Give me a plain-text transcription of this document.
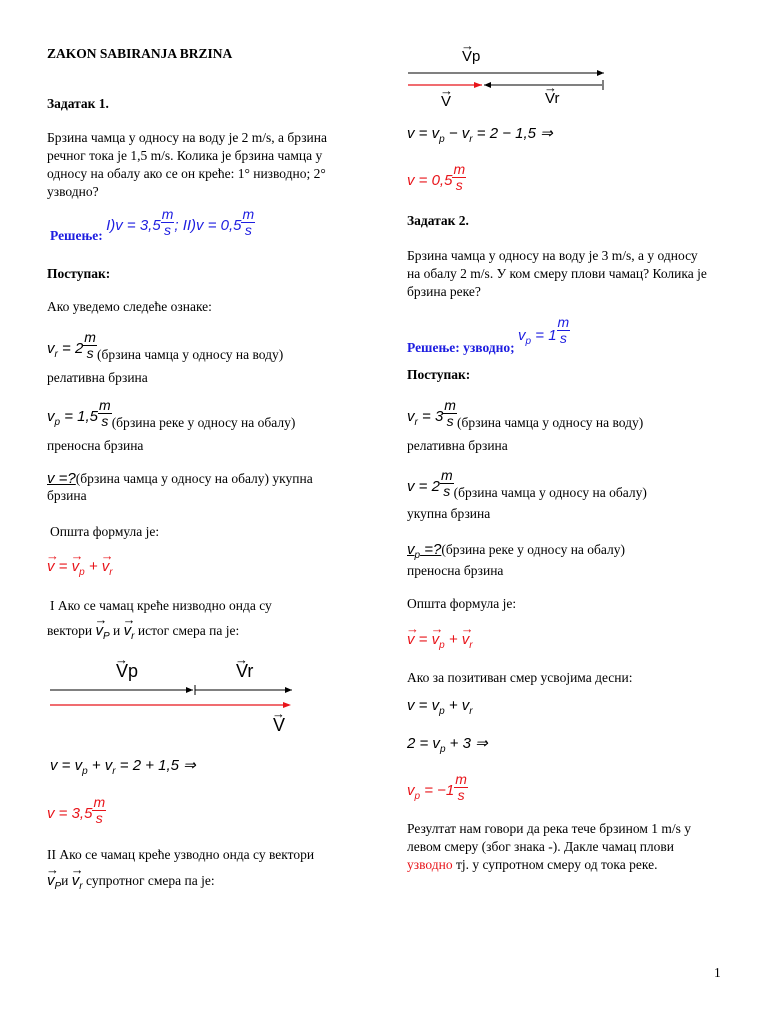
ZAKON SABIRANJA BRZINA
Задатак 1.
Брзина чамца у односу на воду је 2 m/s, а брзина речног тока је 1,5 m/s. Колика је брзина чамца у односу на обалу ако се он креће: 1° низводно; 2° узводно?
Решење: $I)v = 3,5 \frac{m}{s}$ ; $II)v = 0,5 \frac{m}{s}$
Поступак:
Ако уведемо следеће ознаке:
$v_r = 2 \frac{m}{s}$ (брзина чамца у односу на воду)
релативна брзина
$v_p = 1,5 \frac{m}{s}$ (брзина реке у односу на обалу)
преносна брзина
v =?(брзина чамца у односу на обалу) укупна
брзина
Општа формула је:
→ v = → $v_p$ + → $v_r$
I Ако се чамац креће низводно онда су
вектори → $v_P$ $и \to v_r$ истог смера па је:
→ Vp	→ Vr
→ V
$v = v_p + v_r = 2 + 1,5$ ⇒
$v = 3,5 \frac{m}{s}$
II Ако се чамац креће узводно онда су вектори
→ $v_Pи \to v_r$ супротног смера па је:
→ Vp
→ V	→ Vr
$v = v_p - v_r = 2 - 1,5$ ⇒
$v = 0,5 \frac{m}{s}$
Задатак 2.
Брзина чамца у односу на воду је 3 m/s, а у односу на обалу 2 m/s. У ком смеру плови чамац? Колика је брзина реке?
Решење: узводно; $v_p = 1 \frac{m}{s}$
Поступак:
$v_r = 3 \frac{m}{s}$ (брзина чамца у односу на воду)
релативна брзина
$v = 2 \frac{m}{s}$ (брзина чамца у односу на обалу)
укупна брзина
$v_p$ =?(брзина реке у односу на обалу)
преносна брзина
Општа формула је:
→ v = → $v_p$ + → $v_r$
Ако за позитиван смер усвојима десни:
$v = v_p + v_r$
$2 = v_p + 3$ ⇒
$v_p = -1 \frac{m}{s}$
Резултат нам говори да река тече брзином 1 m/s у левом смеру (због знака -). Дакле чамац плови узводно тј. у супротном смеру од тока реке.
1
